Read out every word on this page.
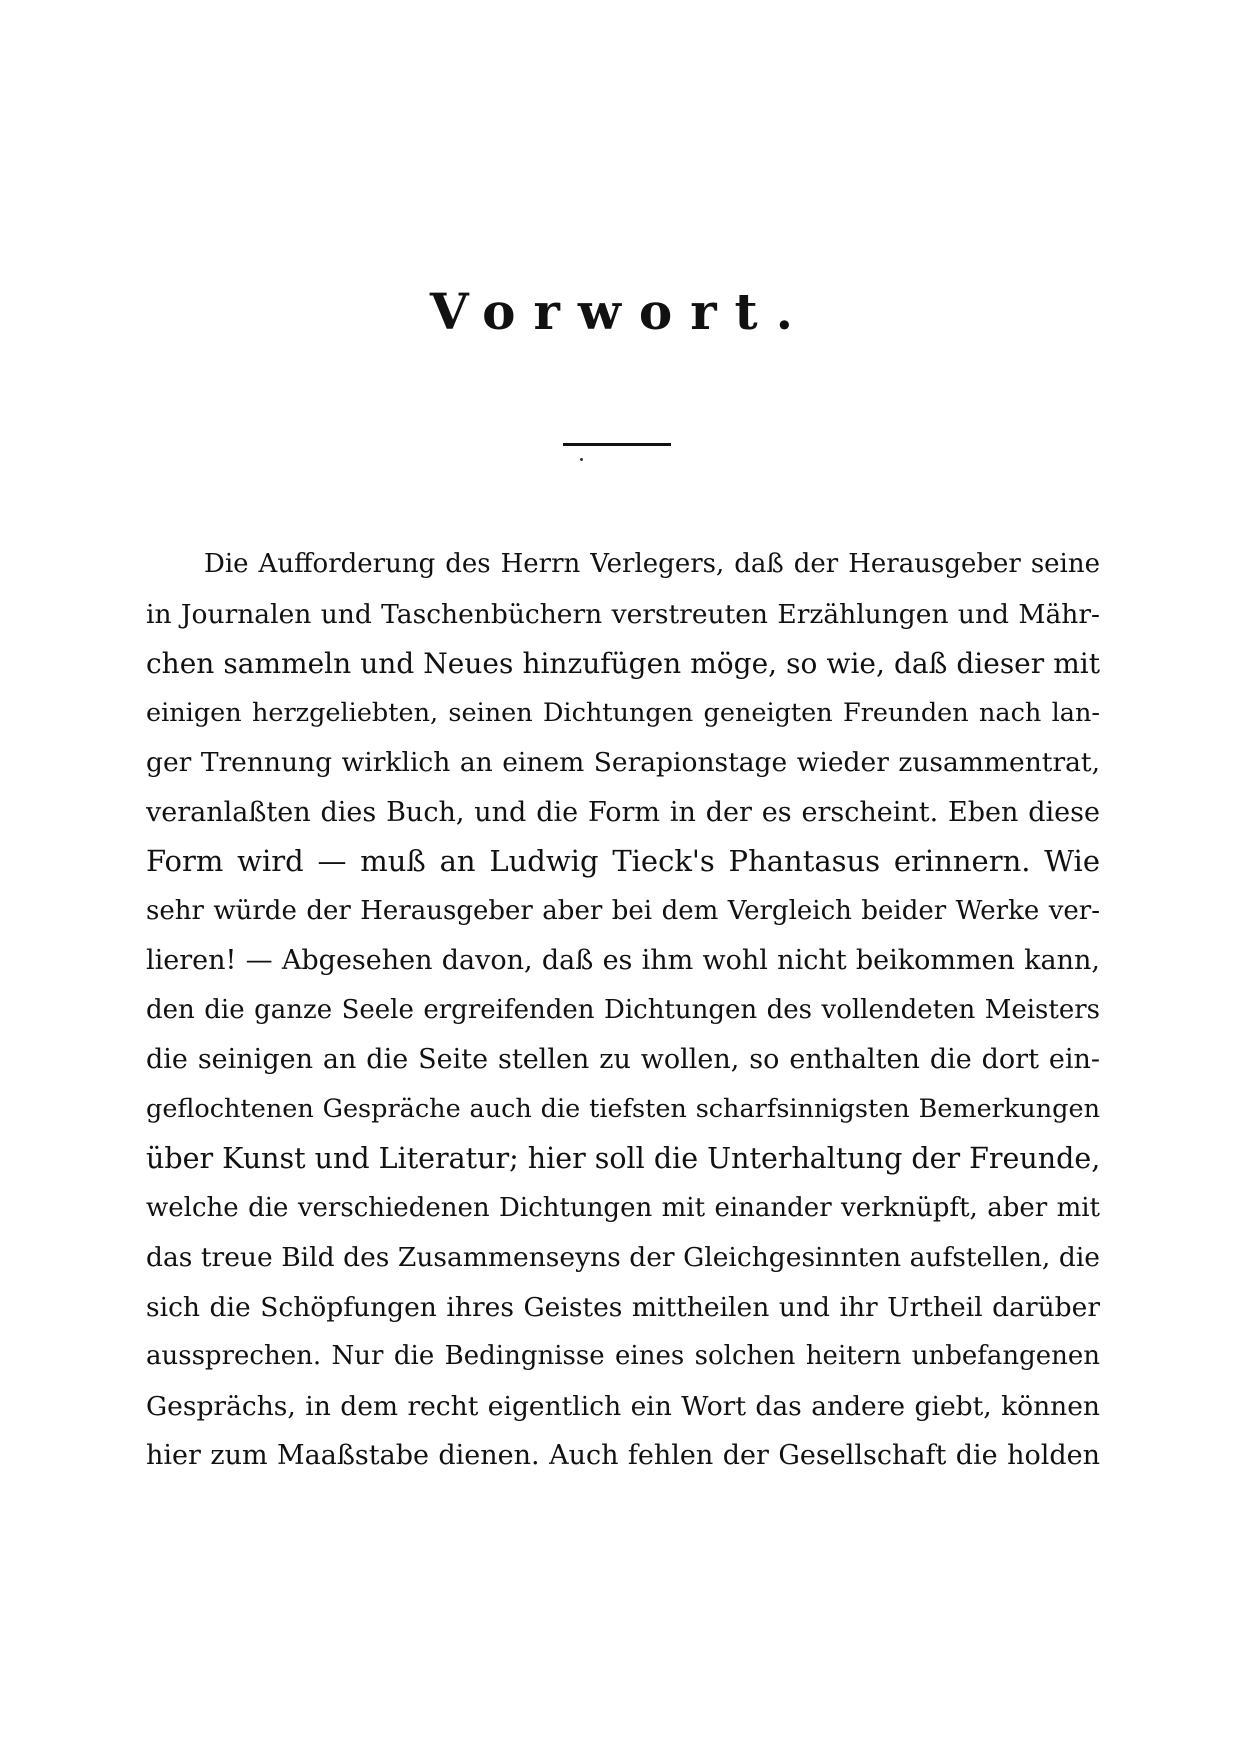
Vorwort.
Die Aufforderung des Herrn Verlegers, daß der Herausgeber seine
in Journalen und Taschenbüchern verstreuten Erzählungen und Mähr-
chen sammeln und Neues hinzufügen möge, so wie, daß dieser mit
einigen herzgeliebten, seinen Dichtungen geneigten Freunden nach lan-
ger Trennung wirklich an einem Serapionstage wieder zusammentrat,
veranlaßten dies Buch, und die Form in der es erscheint. Eben diese
Form wird — muß an Ludwig Tieck's Phantasus erinnern. Wie
sehr würde der Herausgeber aber bei dem Vergleich beider Werke ver-
lieren! — Abgesehen davon, daß es ihm wohl nicht beikommen kann,
den die ganze Seele ergreifenden Dichtungen des vollendeten Meisters
die seinigen an die Seite stellen zu wollen, so enthalten die dort ein-
geflochtenen Gespräche auch die tiefsten scharfsinnigsten Bemerkungen
über Kunst und Literatur; hier soll die Unterhaltung der Freunde,
welche die verschiedenen Dichtungen mit einander verknüpft, aber mit
das treue Bild des Zusammenseyns der Gleichgesinnten aufstellen, die
sich die Schöpfungen ihres Geistes mittheilen und ihr Urtheil darüber
aussprechen. Nur die Bedingnisse eines solchen heitern unbefangenen
Gesprächs, in dem recht eigentlich ein Wort das andere giebt, können
hier zum Maaßstabe dienen. Auch fehlen der Gesellschaft die holden
